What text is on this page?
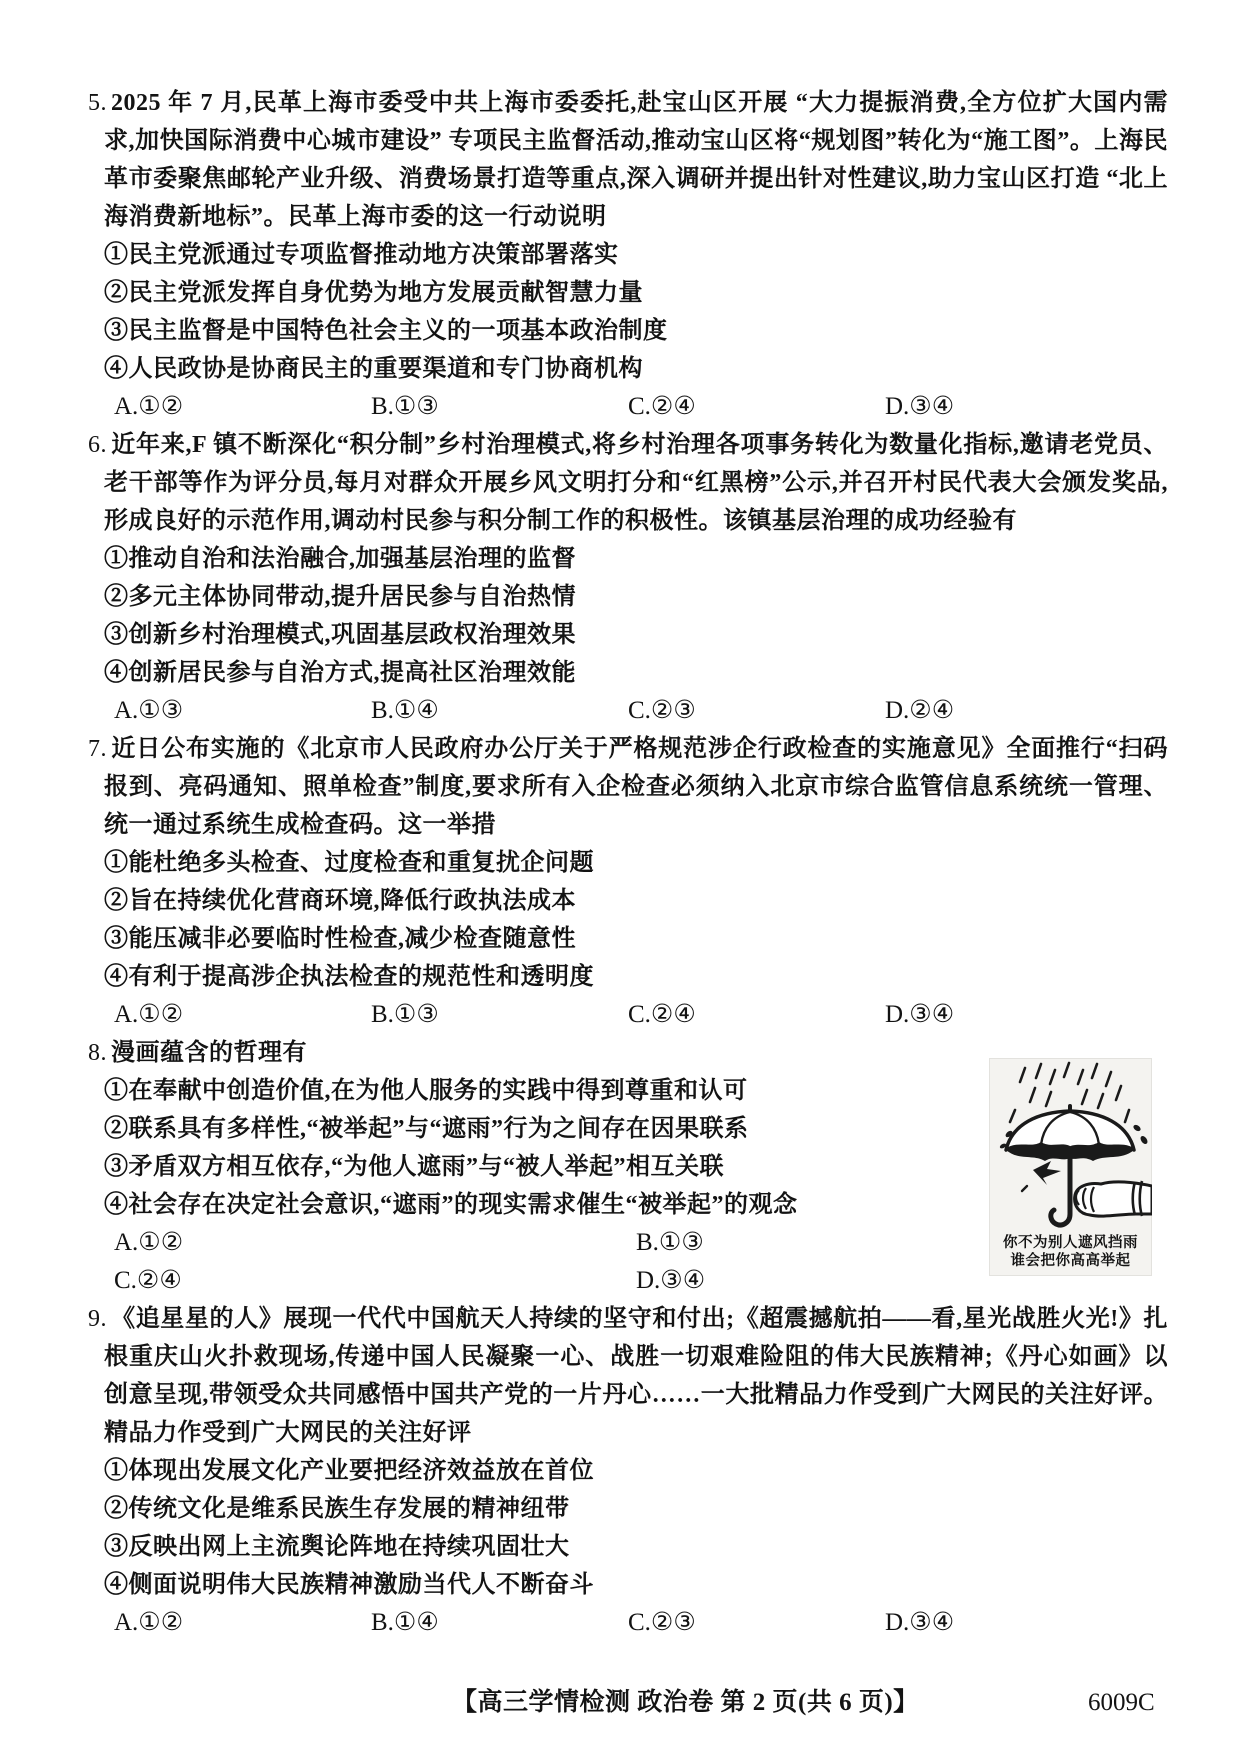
5. 2025 年 7 月,民革上海市委受中共上海市委委托,赴宝山区开展 “大力提振消费,全方位扩大国内需求,加快国际消费中心城市建设” 专项民主监督活动,推动宝山区将“规划图”转化为“施工图”。上海民革市委聚焦邮轮产业升级、消费场景打造等重点,深入调研并提出针对性建议,助力宝山区打造 “北上海消费新地标”。民革上海市委的这一行动说明
①民主党派通过专项监督推动地方决策部署落实
②民主党派发挥自身优势为地方发展贡献智慧力量
③民主监督是中国特色社会主义的一项基本政治制度
④人民政协是协商民主的重要渠道和专门协商机构
A.①②	B.①③	C.②④	D.③④
6. 近年来,F 镇不断深化“积分制”乡村治理模式,将乡村治理各项事务转化为数量化指标,邀请老党员、老干部等作为评分员,每月对群众开展乡风文明打分和“红黑榜”公示,并召开村民代表大会颁发奖品,形成良好的示范作用,调动村民参与积分制工作的积极性。该镇基层治理的成功经验有
①推动自治和法治融合,加强基层治理的监督
②多元主体协同带动,提升居民参与自治热情
③创新乡村治理模式,巩固基层政权治理效果
④创新居民参与自治方式,提高社区治理效能
A.①③	B.①④	C.②③	D.②④
7. 近日公布实施的《北京市人民政府办公厅关于严格规范涉企行政检查的实施意见》全面推行“扫码报到、亮码通知、照单检查”制度,要求所有入企检查必须纳入北京市综合监管信息系统统一管理、统一通过系统生成检查码。这一举措
①能杜绝多头检查、过度检查和重复扰企问题
②旨在持续优化营商环境,降低行政执法成本
③能压减非必要临时性检查,减少检查随意性
④有利于提高涉企执法检查的规范性和透明度
A.①②	B.①③	C.②④	D.③④
8. 漫画蕴含的哲理有
①在奉献中创造价值,在为他人服务的实践中得到尊重和认可
②联系具有多样性,“被举起”与“遮雨”行为之间存在因果联系
③矛盾双方相互依存,“为他人遮雨”与“被人举起”相互关联
④社会存在决定社会意识,“遮雨”的现实需求催生“被举起”的观念
A.①②	B.①③
C.②④	D.③④
你不为别人遮风挡雨
谁会把你高高举起
9. 《追星星的人》展现一代代中国航天人持续的坚守和付出;《超震撼航拍——看,星光战胜火光!》扎根重庆山火扑救现场,传递中国人民凝聚一心、战胜一切艰难险阻的伟大民族精神;《丹心如画》以创意呈现,带领受众共同感悟中国共产党的一片丹心……一大批精品力作受到广大网民的关注好评。精品力作受到广大网民的关注好评
①体现出发展文化产业要把经济效益放在首位
②传统文化是维系民族生存发展的精神纽带
③反映出网上主流舆论阵地在持续巩固壮大
④侧面说明伟大民族精神激励当代人不断奋斗
A.①②	B.①④	C.②③	D.③④
【高三学情检测 政治卷 第 2 页(共 6 页)】	6009C
